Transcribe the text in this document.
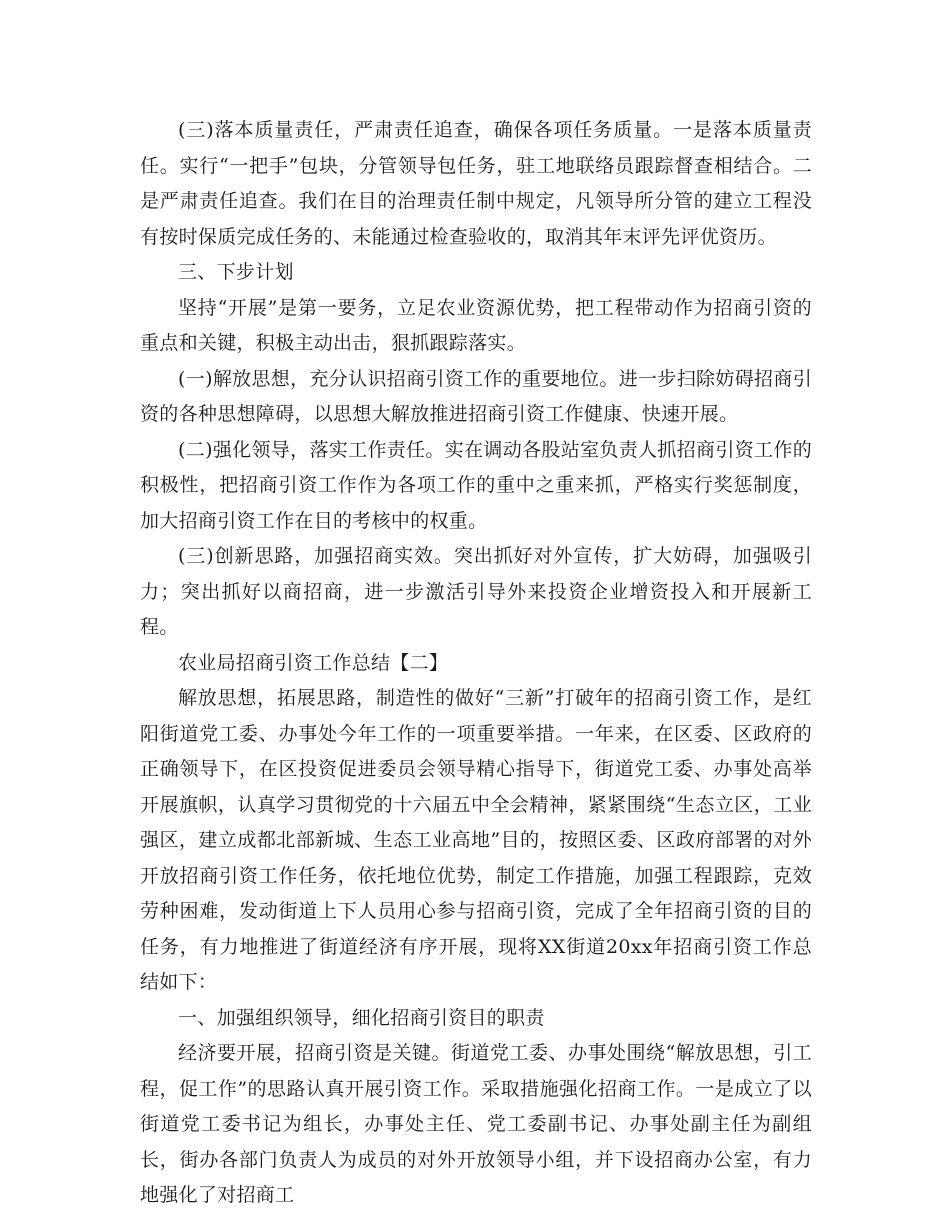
(三)落本质量责任，严肃责任追查，确保各项任务质量。一是落本质量责任。实行“一把手”包块，分管领导包任务，驻工地联络员跟踪督查相结合。二是严肃责任追查。我们在目的治理责任制中规定，凡领导所分管的建立工程没有按时保质完成任务的、未能通过检查验收的，取消其年末评先评优资历。

三、下步计划

坚持“开展”是第一要务，立足农业资源优势，把工程带动作为招商引资的重点和关键，积极主动出击，狠抓跟踪落实。

(一)解放思想，充分认识招商引资工作的重要地位。进一步扫除妨碍招商引资的各种思想障碍，以思想大解放推进招商引资工作健康、快速开展。

(二)强化领导，落实工作责任。实在调动各股站室负责人抓招商引资工作的积极性，把招商引资工作作为各项工作的重中之重来抓，严格实行奖惩制度，加大招商引资工作在目的考核中的权重。

(三)创新思路，加强招商实效。突出抓好对外宣传，扩大妨碍，加强吸引力；突出抓好以商招商，进一步激活引导外来投资企业增资投入和开展新工程。

农业局招商引资工作总结【二】

解放思想，拓展思路，制造性的做好“三新”打破年的招商引资工作，是红阳街道党工委、办事处今年工作的一项重要举措。一年来，在区委、区政府的正确领导下，在区投资促进委员会领导精心指导下，街道党工委、办事处高举开展旗帜，认真学习贯彻党的十六届五中全会精神，紧紧围绕“生态立区，工业强区，建立成都北部新城、生态工业高地”目的，按照区委、区政府部署的对外开放招商引资工作任务，依托地位优势，制定工作措施，加强工程跟踪，克效劳种困难，发动街道上下人员用心参与招商引资，完成了全年招商引资的目的任务，有力地推进了街道经济有序开展，现将XX街道20xx年招商引资工作总结如下：

一、加强组织领导，细化招商引资目的职责

经济要开展，招商引资是关键。街道党工委、办事处围绕“解放思想，引工程，促工作”的思路认真开展引资工作。采取措施强化招商工作。一是成立了以街道党工委书记为组长，办事处主任、党工委副书记、办事处副主任为副组长，街办各部门负责人为成员的对外开放领导小组，并下设招商办公室，有力地强化了对招商工
